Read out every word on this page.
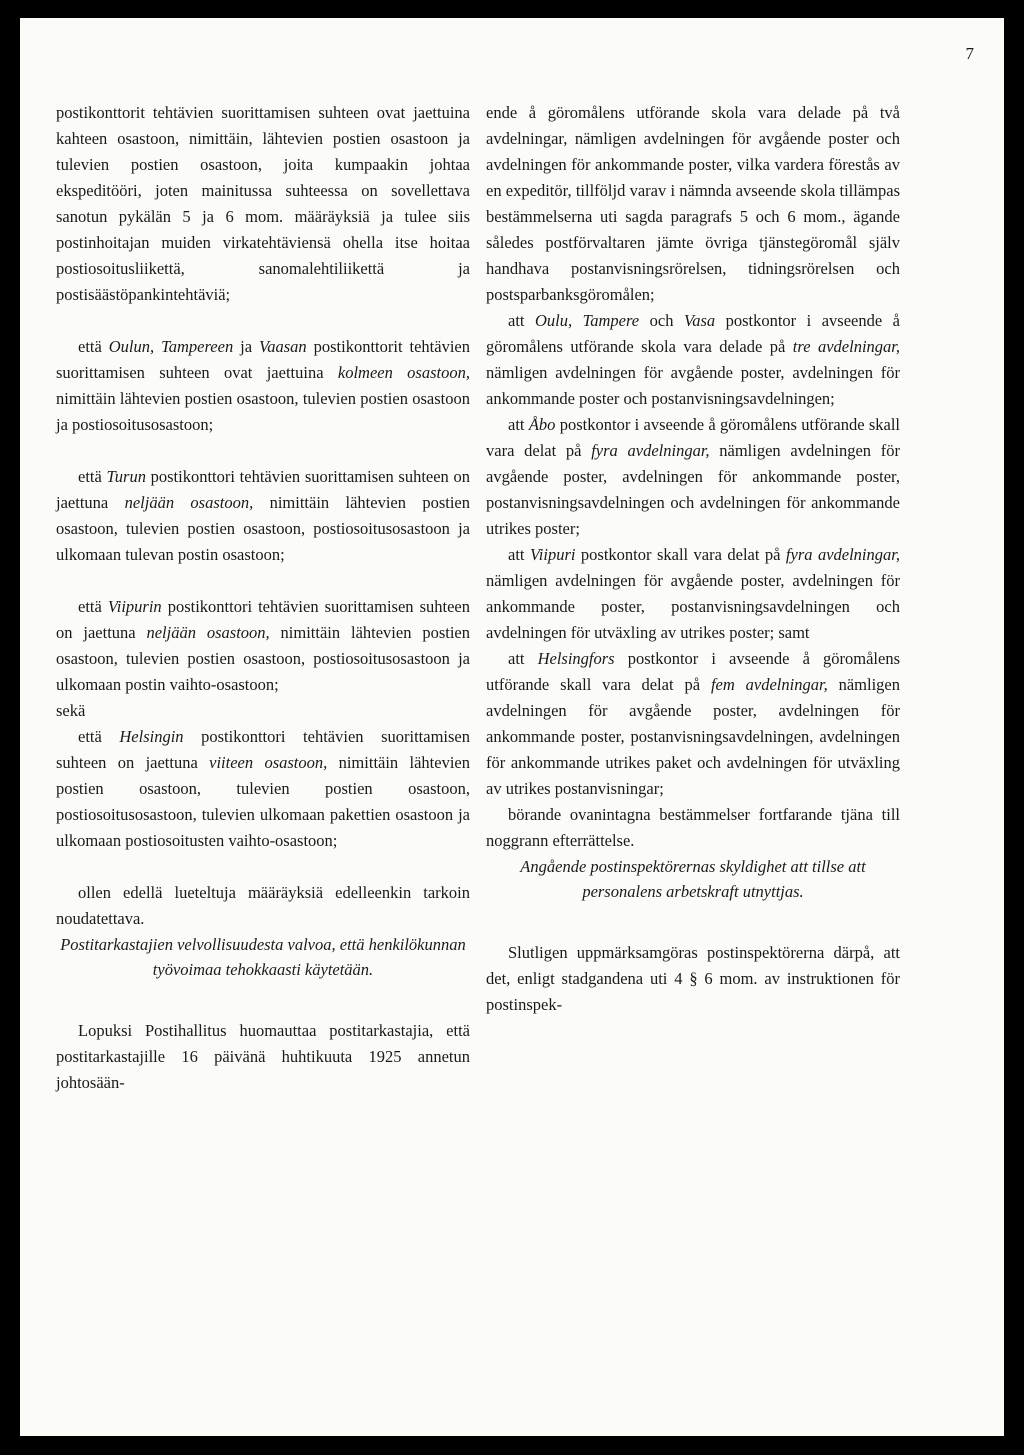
7

postikonttorit tehtävien suorittamisen suhteen ovat jaettuina kahteen osastoon, nimittäin, lähtevien postien osastoon ja tulevien postien osastoon, joita kumpaakin johtaa ekspeditööri, joten mainitussa suhteessa on sovellettava sanotun pykälän 5 ja 6 mom. määräyksiä ja tulee siis postinhoitajan muiden virkatehtäviensä ohella itse hoitaa postiosoitusliikettä, sanomalehtiliikettä ja postisäästöpankintehtäviä;

että Oulun, Tampereen ja Vaasan postikonttorit tehtävien suorittamisen suhteen ovat jaettuina kolmeen osastoon, nimittäin lähtevien postien osastoon, tulevien postien osastoon ja postiosoitusosastoon;

että Turun postikonttori tehtävien suorittamisen suhteen on jaettuna neljään osastoon, nimittäin lähtevien postien osastoon, tulevien postien osastoon, postiosoitusosastoon ja ulkomaan tulevan postin osastoon;

että Viipurin postikonttori tehtävien suorittamisen suhteen on jaettuna neljään osastoon, nimittäin lähtevien postien osastoon, tulevien postien osastoon, postiosoitusosastoon ja ulkomaan postin vaihto-osastoon;

sekä

että Helsingin postikonttori tehtävien suorittamisen suhteen on jaettuna viiteen osastoon, nimittäin lähtevien postien osastoon, tulevien postien osastoon, postiosoitusosastoon, tulevien ulkomaan pakettien osastoon ja ulkomaan postiosoitusten vaihto-osastoon;

ollen edellä lueteltuja määräyksiä edelleenkin tarkoin noudatettava.

Postitarkastajien velvollisuudesta valvoa, että henkilökunnan työvoimaa tehokkaasti käytetään.

Lopuksi Postihallitus huomauttaa postitarkastajia, että postitarkastajille 16 päivänä huhtikuuta 1925 annetun johtosään-

ende å göromålens utförande skola vara delade på två avdelningar, nämligen avdelningen för avgående poster och avdelningen för ankommande poster, vilka vardera förestås av en expeditör, tillföljd varav i nämnda avseende skola tillämpas bestämmelserna uti sagda paragrafs 5 och 6 mom., ägande således postförvaltaren jämte övriga tjänstegöromål själv handhava postanvisningsrörelsen, tidningsrörelsen och postsparbanksgöromålen;

att Oulu, Tampere och Vasa postkontor i avseende å göromålens utförande skola vara delade på tre avdelningar, nämligen avdelningen för avgående poster, avdelningen för ankommande poster och postanvisningsavdelningen;

att Åbo postkontor i avseende å göromålens utförande skall vara delat på fyra avdelningar, nämligen avdelningen för avgående poster, avdelningen för ankommande poster, postanvisningsavdelningen och avdelningen för ankommande utrikes poster;

att Viipuri postkontor skall vara delat på fyra avdelningar, nämligen avdelningen för avgående poster, avdelningen för ankommande poster, postanvisningsavdelningen och avdelningen för utväxling av utrikes poster; samt

att Helsingfors postkontor i avseende å göromålens utförande skall vara delat på fem avdelningar, nämligen avdelningen för avgående poster, avdelningen för ankommande poster, postanvisningsavdelningen, avdelningen för ankommande utrikes paket och avdelningen för utväxling av utrikes postanvisningar;

börande ovanintagna bestämmelser fortfarande tjäna till noggrann efterrättelse.

Angående postinspektörernas skyldighet att tillse att personalens arbetskraft utnyttjas.

Slutligen uppmärksamgöras postinspektörerna därpå, att det, enligt stadgandena uti 4 § 6 mom. av instruktionen för postinspek-
